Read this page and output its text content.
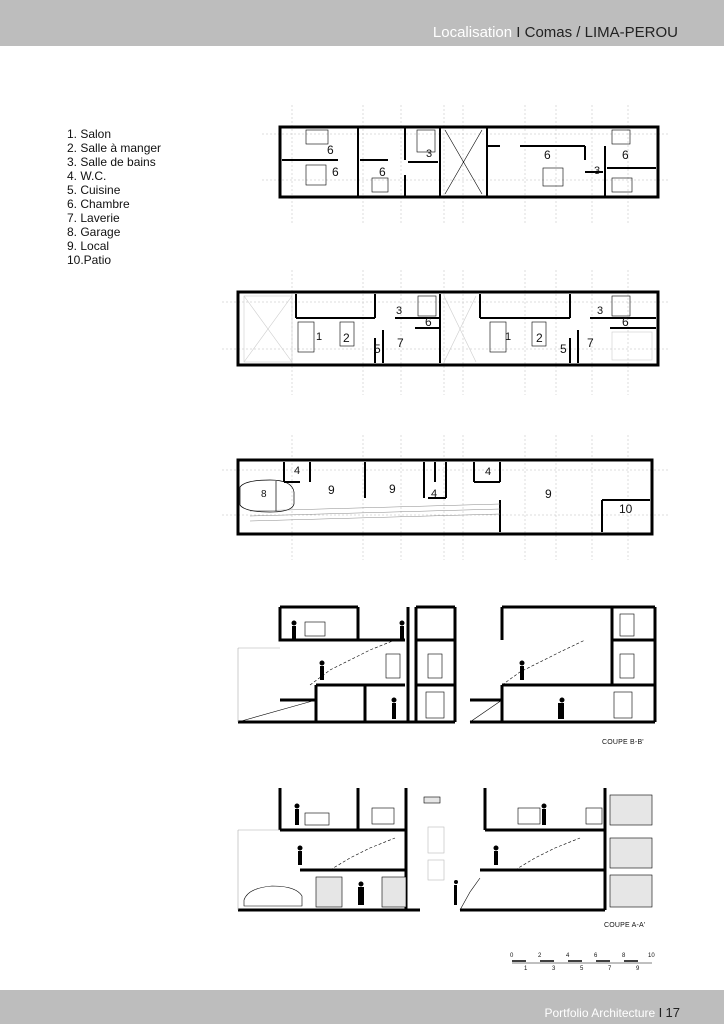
Localisation I Comas / LIMA-PEROU
1. Salon
2. Salle à manger
3. Salle de bains
4. W.C.
5. Cuisine
6. Chambre
7. Laverie
8. Garage
9. Local
10.Patio
6
6	6
3	6	6
3
3
6
1 2
5 7
3
6
1 2
5 7
4
8	9	9	4
4
9
10
COUPE B-B'
COUPE A-A'
0	2	4	6	8	10
1	3	5	7	9
Portfolio Architecture I 17
